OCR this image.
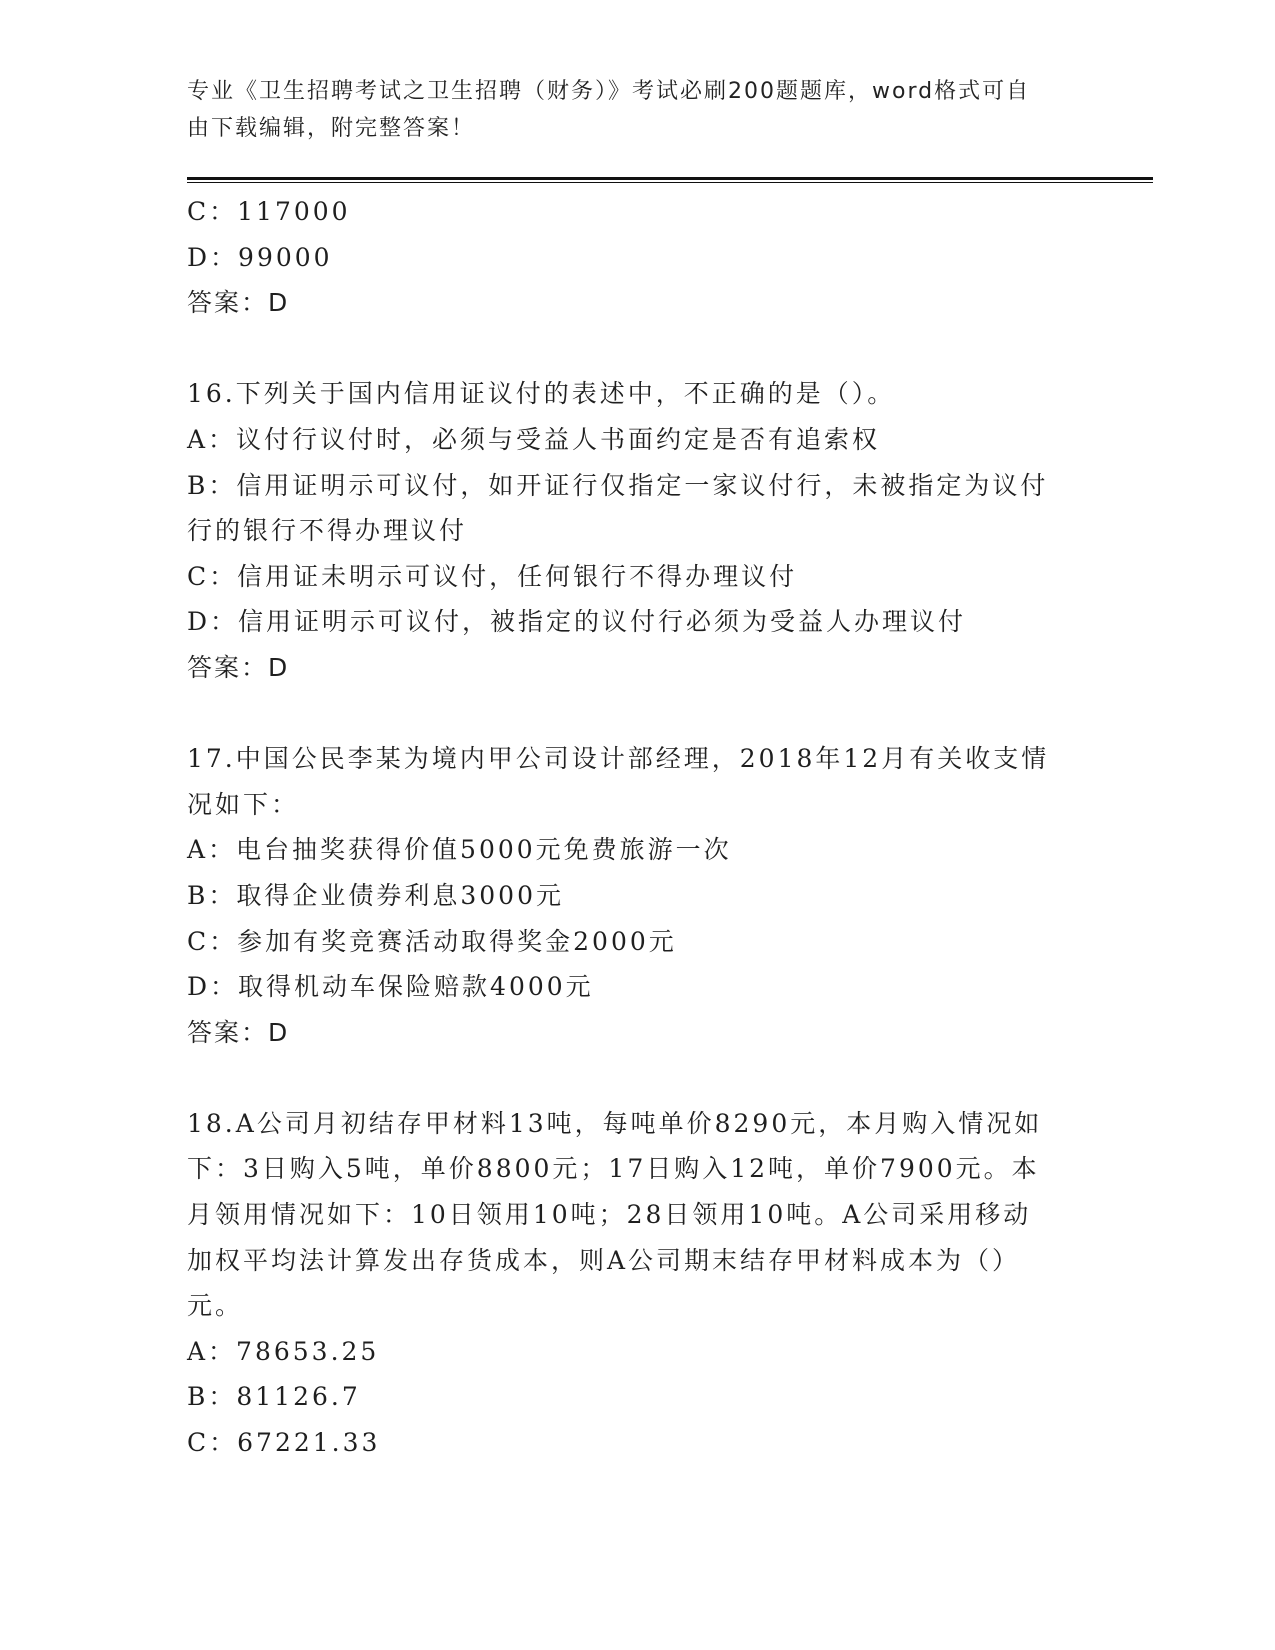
专业《卫生招聘考试之卫生招聘（财务）》考试必刷200题题库，word格式可自
由下载编辑，附完整答案！
C：117000
D：99000
答案：D
16.下列关于国内信用证议付的表述中，不正确的是（）。
A：议付行议付时，必须与受益人书面约定是否有追索权
B：信用证明示可议付，如开证行仅指定一家议付行，未被指定为议付
行的银行不得办理议付
C：信用证未明示可议付，任何银行不得办理议付
D：信用证明示可议付，被指定的议付行必须为受益人办理议付
答案：D
17.中国公民李某为境内甲公司设计部经理，2018年12月有关收支情
况如下：
A：电台抽奖获得价值5000元免费旅游一次
B：取得企业债券利息3000元
C：参加有奖竞赛活动取得奖金2000元
D：取得机动车保险赔款4000元
答案：D
18.A公司月初结存甲材料13吨，每吨单价8290元，本月购入情况如
下：3日购入5吨，单价8800元；17日购入12吨，单价7900元。本
月领用情况如下：10日领用10吨；28日领用10吨。A公司采用移动
加权平均法计算发出存货成本，则A公司期末结存甲材料成本为（）
元。
A：78653.25
B：81126.7
C：67221.33
